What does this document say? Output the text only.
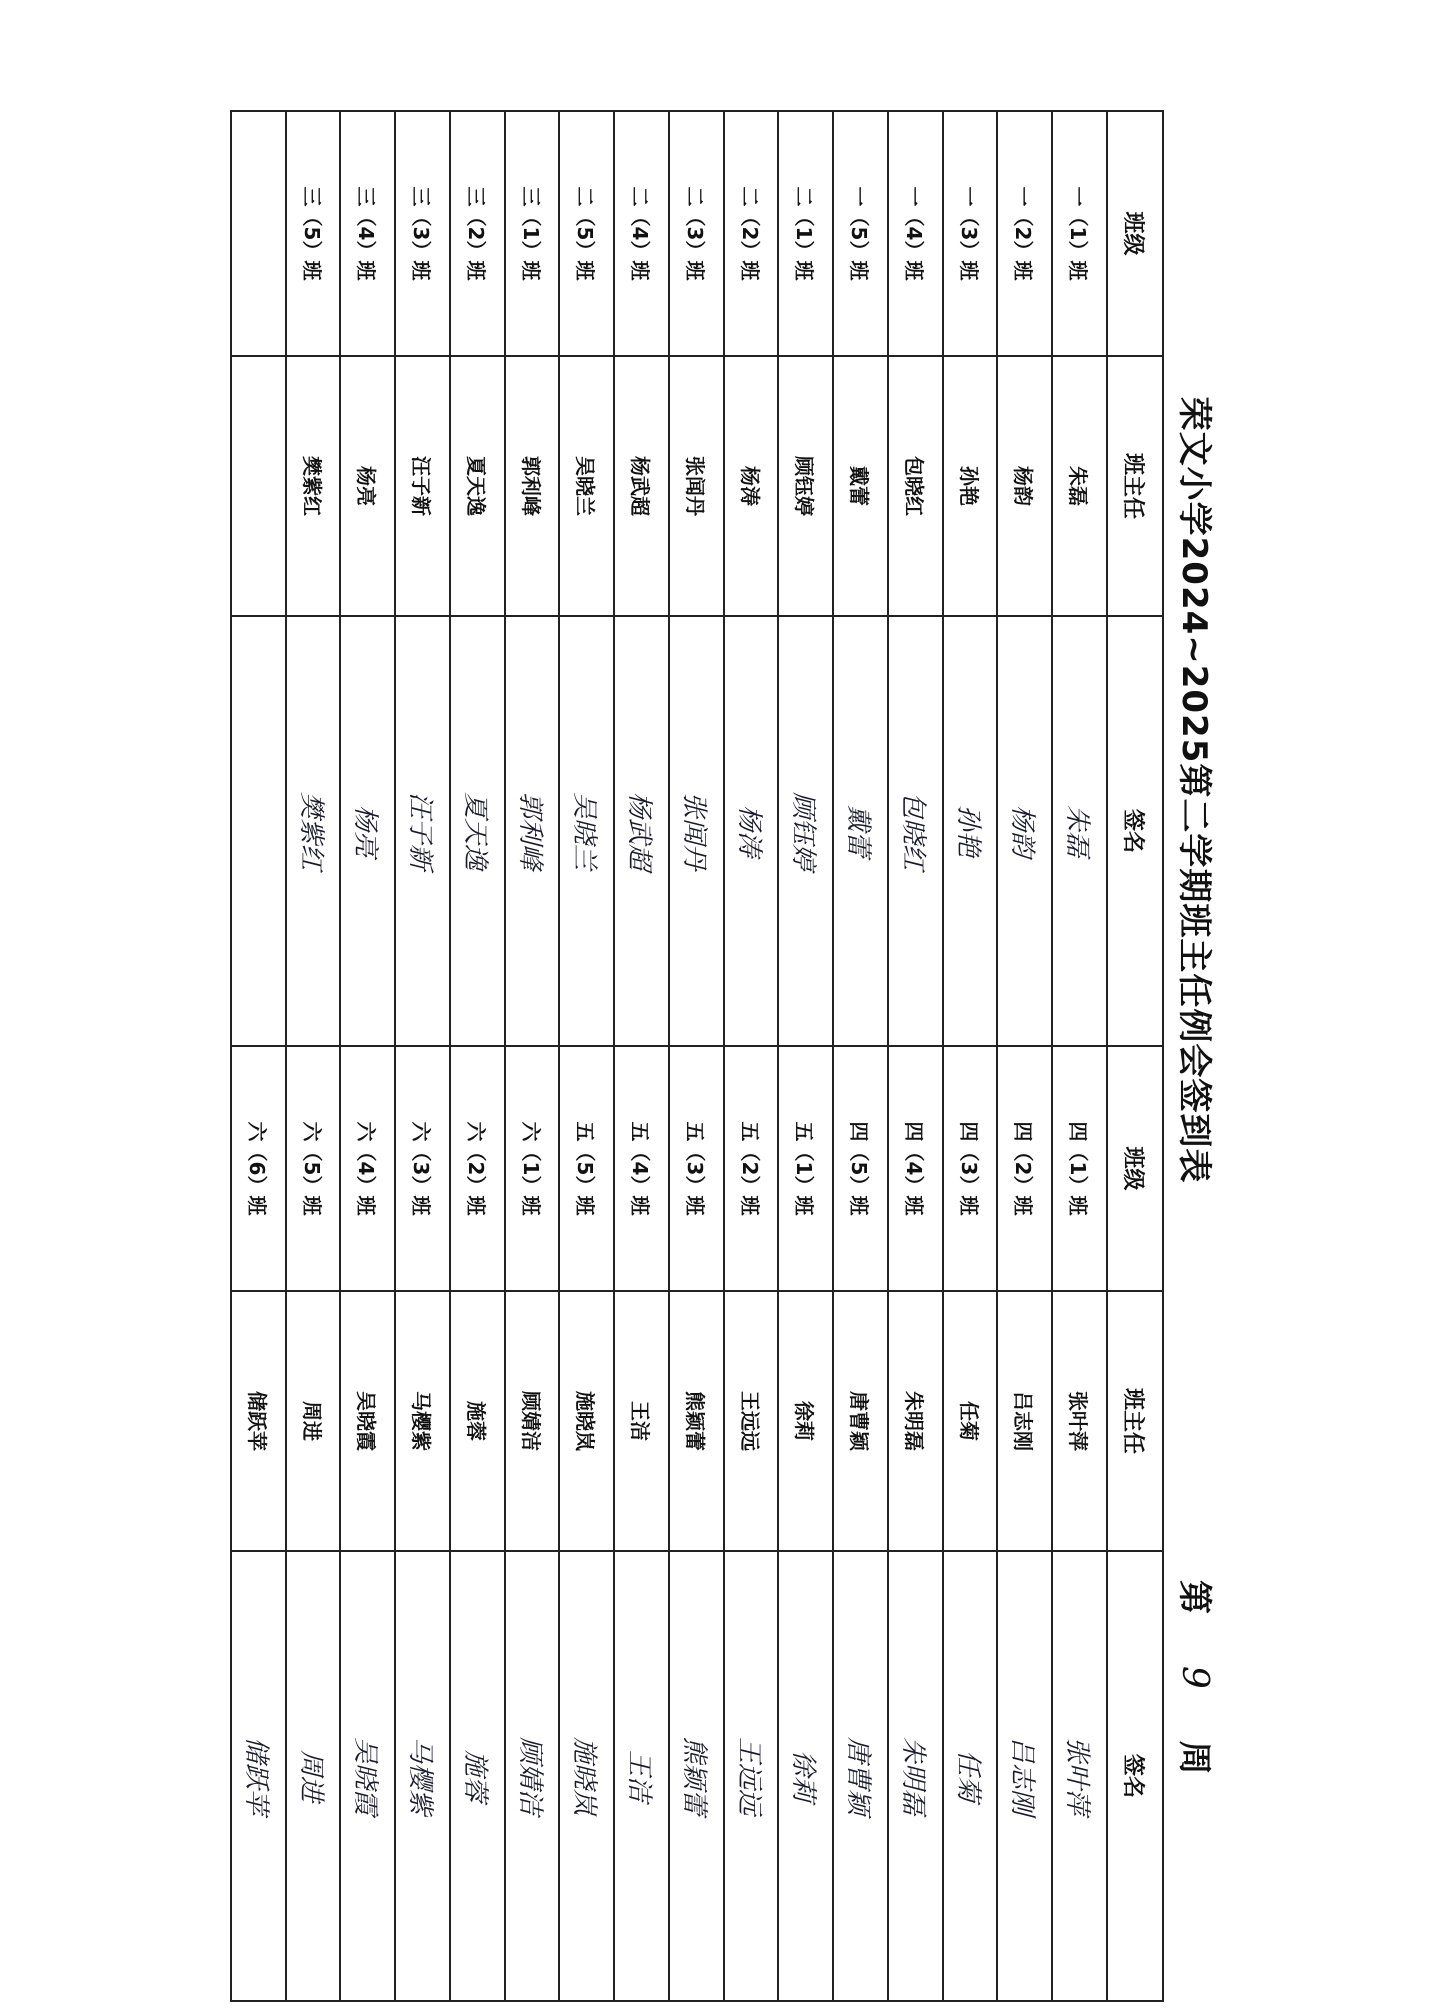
荣文小学2024~2025第二学期班主任例会签到表
第 9 周
班级	班主任	签名	班级	班主任	签名
一（1）班	朱磊	朱磊	四（1）班	张叶萍	张叶萍
一（2）班	杨韵	杨韵	四（2）班	吕志刚	吕志刚
一（3）班	孙艳	孙艳	四（3）班	任菊	任菊
一（4）班	包晓红	包晓红	四（4）班	朱明磊	朱明磊
一（5）班	戴蕾	戴蕾	四（5）班	唐曹颖	唐曹颖
二（1）班	顾钰婷	顾钰婷	五（1）班	徐莉	徐莉
二（2）班	杨涛	杨涛	五（2）班	王远远	王远远
二（3）班	张闻丹	张闻丹	五（3）班	熊颖蕾	熊颖蕾
二（4）班	杨武超	杨武超	五（4）班	王洁	王洁
二（5）班	吴晓兰	吴晓兰	五（5）班	施晓岚	施晓岚
三（1）班	郭利峰	郭利峰	六（1）班	顾婧洁	顾婧洁
三（2）班	夏天逸	夏天逸	六（2）班	施蓉	施蓉
三（3）班	汪子新	汪子新	六（3）班	马樱紫	马樱紫
三（4）班	杨亮	杨亮	六（4）班	吴晓霞	吴晓霞
三（5）班	樊紫红	樊紫红	六（5）班	周进	周进
			六（6）班	储跃苹	储跃苹
